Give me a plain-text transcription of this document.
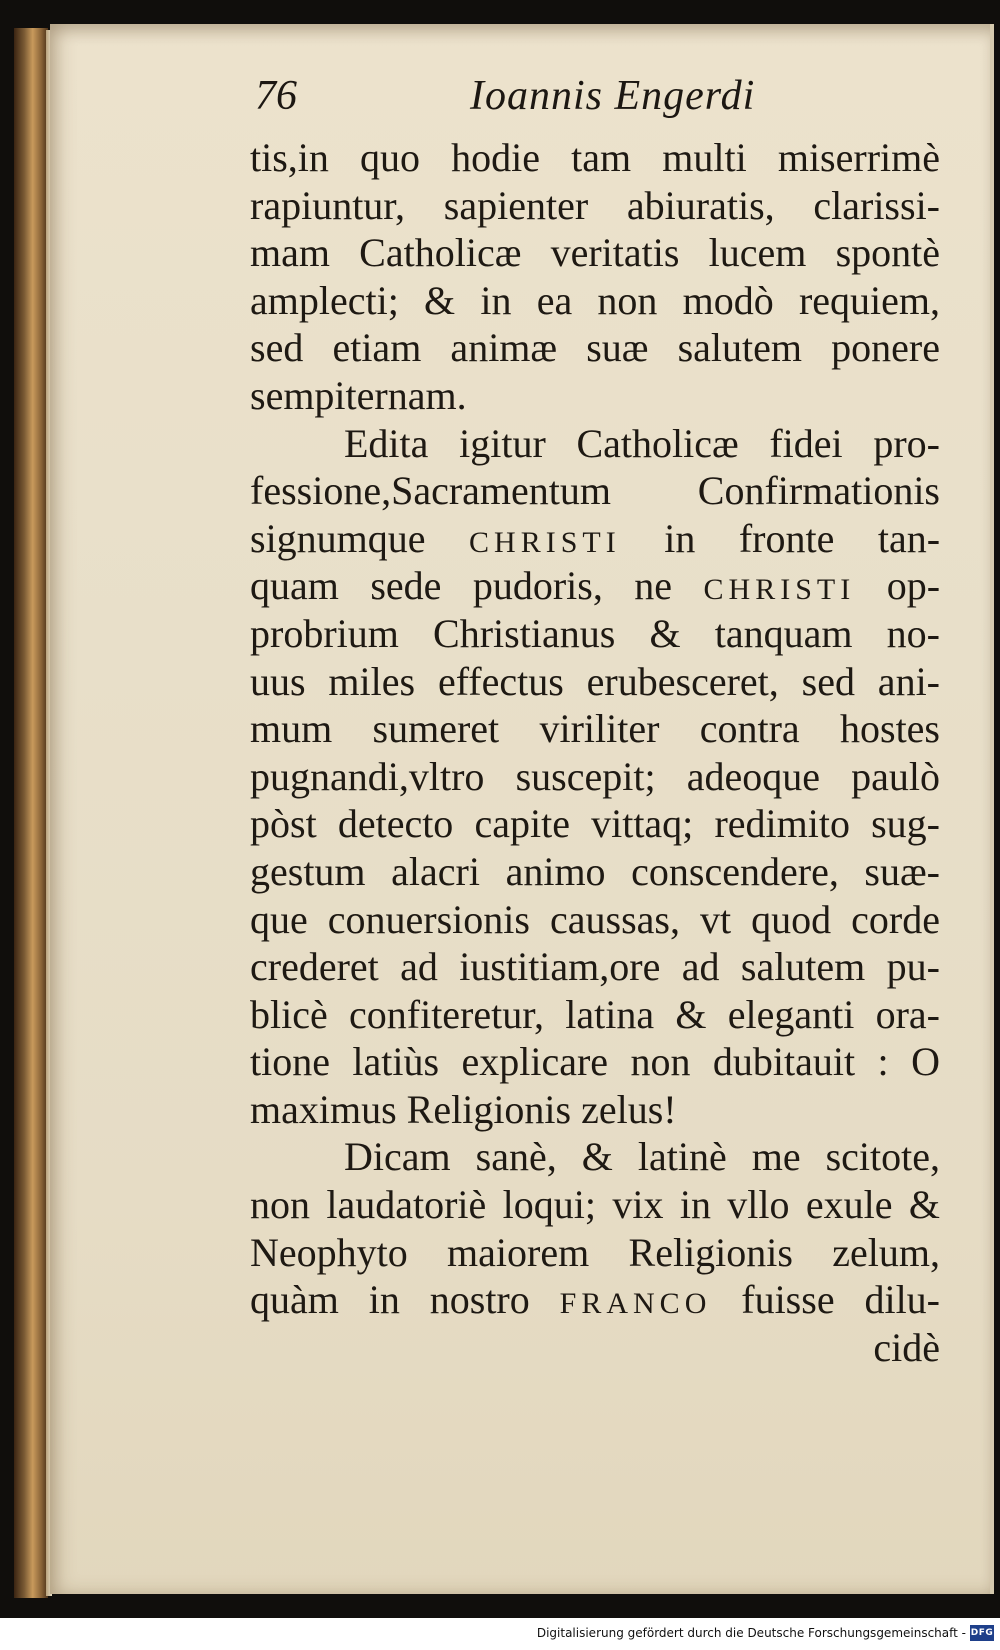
76	Ioannis Engerdi
tis,in quo hodie tam multi miserrimè
rapiuntur, sapienter abiuratis, clarissi-
mam Catholicæ veritatis lucem spontè
amplecti; & in ea non modò requiem,
sed etiam animæ suæ salutem ponere
sempiternam.
Edita igitur Catholicæ fidei pro-
fessione,Sacramentum Confirmationis
signumque CHRISTI in fronte tan-
quam sede pudoris, ne CHRISTI op-
probrium Christianus & tanquam no-
uus miles effectus erubesceret, sed ani-
mum sumeret viriliter contra hostes
pugnandi,vltro suscepit; adeoque paulò
pòst detecto capite vittaq; redimito sug-
gestum alacri animo conscendere, suæ-
que conuersionis caussas, vt quod corde
crederet ad iustitiam,ore ad salutem pu-
blicè confiteretur, latina & eleganti ora-
tione latiùs explicare non dubitauit : O
maximus Religionis zelus!
Dicam sanè, & latinè me scitote,
non laudatoriè loqui; vix in vllo exule &
Neophyto maiorem Religionis zelum,
quàm in nostro FRANCO fuisse dilu-
cidè
Digitalisierung gefördert durch die Deutsche Forschungsgemeinschaft - DFG
